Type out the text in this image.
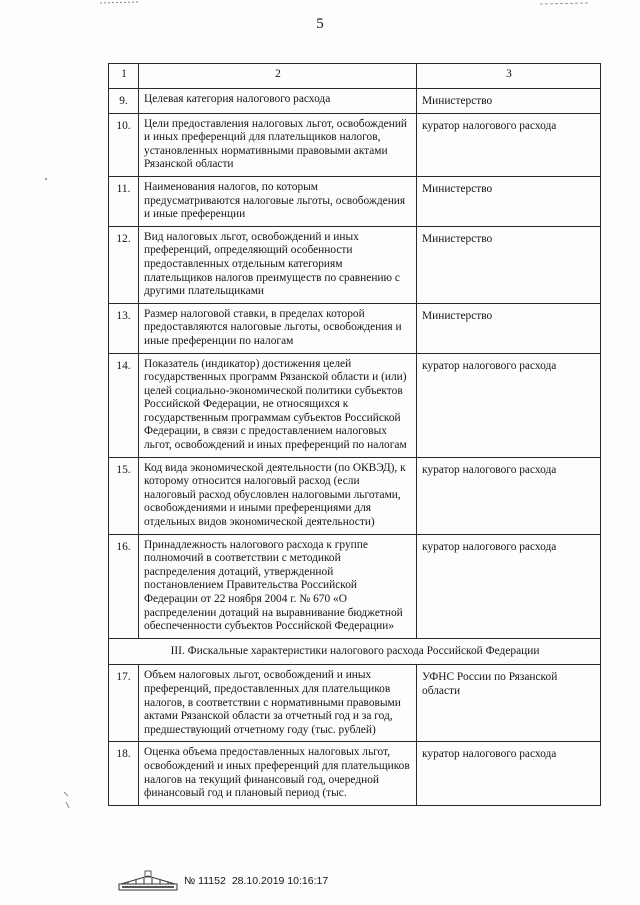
5
1	2	3
9.	Целевая категория налогового расхода	Министерство
10.	Цели предоставления налоговых льгот, освобождений и иных преференций для плательщиков налогов, установленных нормативными правовыми актами Рязанской области	куратор налогового расхода
11.	Наименования налогов, по которым предусматриваются налоговые льготы, освобождения и иные преференции	Министерство
12.	Вид налоговых льгот, освобождений и иных преференций, определяющий особенности предоставленных отдельным категориям плательщиков налогов преимуществ по сравнению с другими плательщиками	Министерство
13.	Размер налоговой ставки, в пределах которой предоставляются налоговые льготы, освобождения и иные преференции по налогам	Министерство
14.	Показатель (индикатор) достижения целей государственных программ Рязанской области и (или) целей социально-экономической политики субъектов Российской Федерации, не относящихся к государственным программам субъектов Российской Федерации, в связи с предоставлением налоговых льгот, освобождений и иных преференций по налогам	куратор налогового расхода
15.	Код вида экономической деятельности (по ОКВЭД), к которому относится налоговый расход (если налоговый расход обусловлен налоговыми льготами, освобождениями и иными преференциями для отдельных видов экономической деятельности)	куратор налогового расхода
16.	Принадлежность налогового расхода к группе полномочий в соответствии с методикой распределения дотаций, утвержденной постановлением Правительства Российской Федерации от 22 ноября 2004 г. № 670 «О распределении дотаций на выравнивание бюджетной обеспеченности субъектов Российской Федерации»	куратор налогового расхода
III. Фискальные характеристики налогового расхода Российской Федерации		
17.	Объем налоговых льгот, освобождений и иных преференций, предоставленных для плательщиков налогов, в соответствии с нормативными правовыми актами Рязанской области за отчетный год и за год, предшествующий отчетному году (тыс. рублей)	УФНС России по Рязанской области
18.	Оценка объема предоставленных налоговых льгот, освобождений и иных преференций для плательщиков налогов на текущий финансовый год, очередной финансовый год и плановый период (тыс.	куратор налогового расхода
№ 11152 28.10.2019 10:16:17
